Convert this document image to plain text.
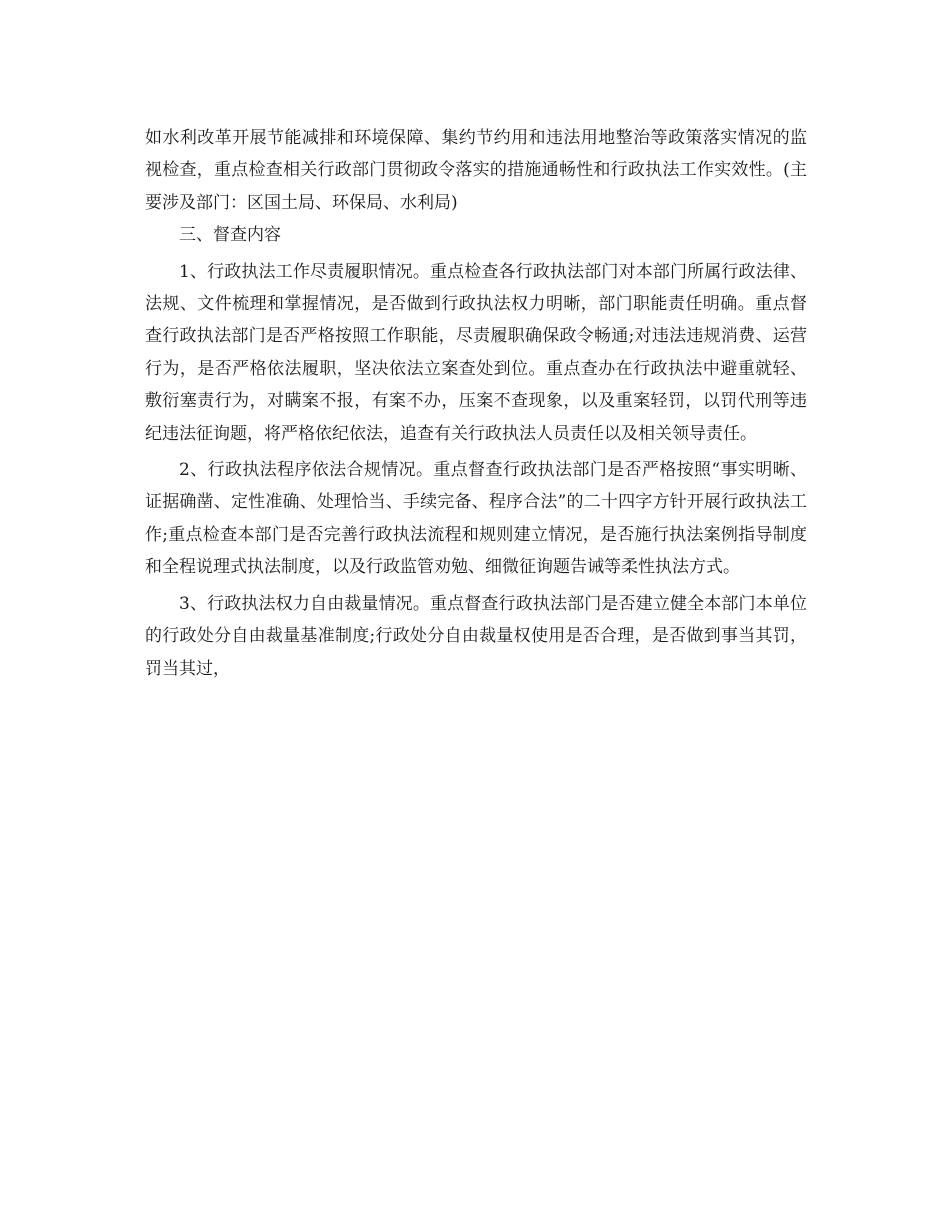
如水利改革开展节能减排和环境保障、集约节约用和违法用地整治等政策落实情况的监视检查，重点检查相关行政部门贯彻政令落实的措施通畅性和行政执法工作实效性。(主要涉及部门：区国土局、环保局、水利局)

三、督查内容

1、行政执法工作尽责履职情况。重点检查各行政执法部门对本部门所属行政法律、法规、文件梳理和掌握情况，是否做到行政执法权力明晰，部门职能责任明确。重点督查行政执法部门是否严格按照工作职能，尽责履职确保政令畅通;对违法违规消费、运营行为，是否严格依法履职，坚决依法立案查处到位。重点查办在行政执法中避重就轻、敷衍塞责行为，对瞒案不报，有案不办，压案不查现象，以及重案轻罚，以罚代刑等违纪违法征询题，将严格依纪依法，追查有关行政执法人员责任以及相关领导责任。

2、行政执法程序依法合规情况。重点督查行政执法部门是否严格按照“事实明晰、证据确凿、定性准确、处理恰当、手续完备、程序合法”的二十四字方针开展行政执法工作;重点检查本部门是否完善行政执法流程和规则建立情况，是否施行执法案例指导制度和全程说理式执法制度，以及行政监管劝勉、细微征询题告诫等柔性执法方式。

3、行政执法权力自由裁量情况。重点督查行政执法部门是否建立健全本部门本单位的行政处分自由裁量基准制度;行政处分自由裁量权使用是否合理，是否做到事当其罚，罚当其过，
